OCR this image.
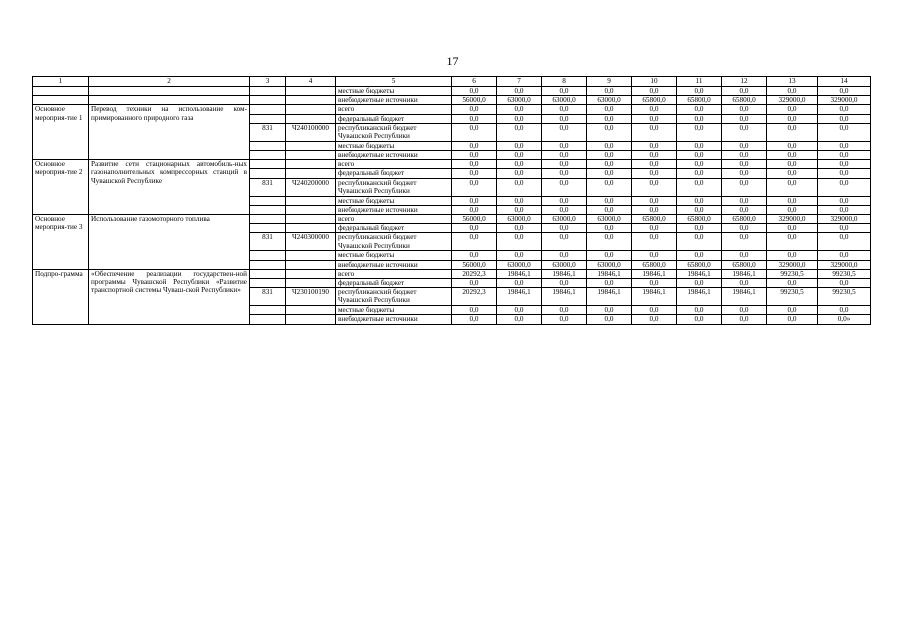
17
1	2	3	4	5	6	7	8	9	10	11	12	13	14
				местные бюджеты	0,0	0,0	0,0	0,0	0,0	0,0	0,0	0,0	0,0
				внебюджетные источники	56000,0	63000,0	63000,0	63000,0	65800,0	65800,0	65800,0	329000,0	329000,0
Основное мероприя-тие 1	Перевод техники на использование ком-примированного природного газа			всего	0,0	0,0	0,0	0,0	0,0	0,0	0,0	0,0	0,0
				федеральный бюджет	0,0	0,0	0,0	0,0	0,0	0,0	0,0	0,0	0,0
		831	Ч240100000	республиканский бюджет Чувашской Республики	0,0	0,0	0,0	0,0	0,0	0,0	0,0	0,0	0,0
				местные бюджеты	0,0	0,0	0,0	0,0	0,0	0,0	0,0	0,0	0,0
				внебюджетные источники	0,0	0,0	0,0	0,0	0,0	0,0	0,0	0,0	0,0
Основное мероприя-тие 2	Развитие сети стационарных автомобиль-ных газонаполнительных компрессорных станций в Чувашской Республике			всего	0,0	0,0	0,0	0,0	0,0	0,0	0,0	0,0	0,0
				федеральный бюджет	0,0	0,0	0,0	0,0	0,0	0,0	0,0	0,0	0,0
		831	Ч240200000	республиканский бюджет Чувашской Республики	0,0	0,0	0,0	0,0	0,0	0,0	0,0	0,0	0,0
				местные бюджеты	0,0	0,0	0,0	0,0	0,0	0,0	0,0	0,0	0,0
				внебюджетные источники	0,0	0,0	0,0	0,0	0,0	0,0	0,0	0,0	0,0
Основное мероприя-тие 3	Использование газомоторного топлива			всего	56000,0	63000,0	63000,0	63000,0	65800,0	65800,0	65800,0	329000,0	329000,0
				федеральный бюджет	0,0	0,0	0,0	0,0	0,0	0,0	0,0	0,0	0,0
		831	Ч240300000	республиканский бюджет Чувашской Республики	0,0	0,0	0,0	0,0	0,0	0,0	0,0	0,0	0,0
				местные бюджеты	0,0	0,0	0,0	0,0	0,0	0,0	0,0	0,0	0,0
				внебюджетные источники	56000,0	63000,0	63000,0	63000,0	65800,0	65800,0	65800,0	329000,0	329000,0
Подпро-грамма	«Обеспечение реализации государствен-ной программы Чувашской Республики «Развитие транспортной системы Чуваш-ской Республики»			всего	20292,3	19846,1	19846,1	19846,1	19846,1	19846,1	19846,1	99230,5	99230,5
				федеральный бюджет	0,0	0,0	0,0	0,0	0,0	0,0	0,0	0,0	0,0
		831	Ч230100190	республиканский бюджет Чувашской Республики	20292,3	19846,1	19846,1	19846,1	19846,1	19846,1	19846,1	99230,5	99230,5
				местные бюджеты	0,0	0,0	0,0	0,0	0,0	0,0	0,0	0,0	0,0
				внебюджетные источники	0,0	0,0	0,0	0,0	0,0	0,0	0,0	0,0	0,0»
